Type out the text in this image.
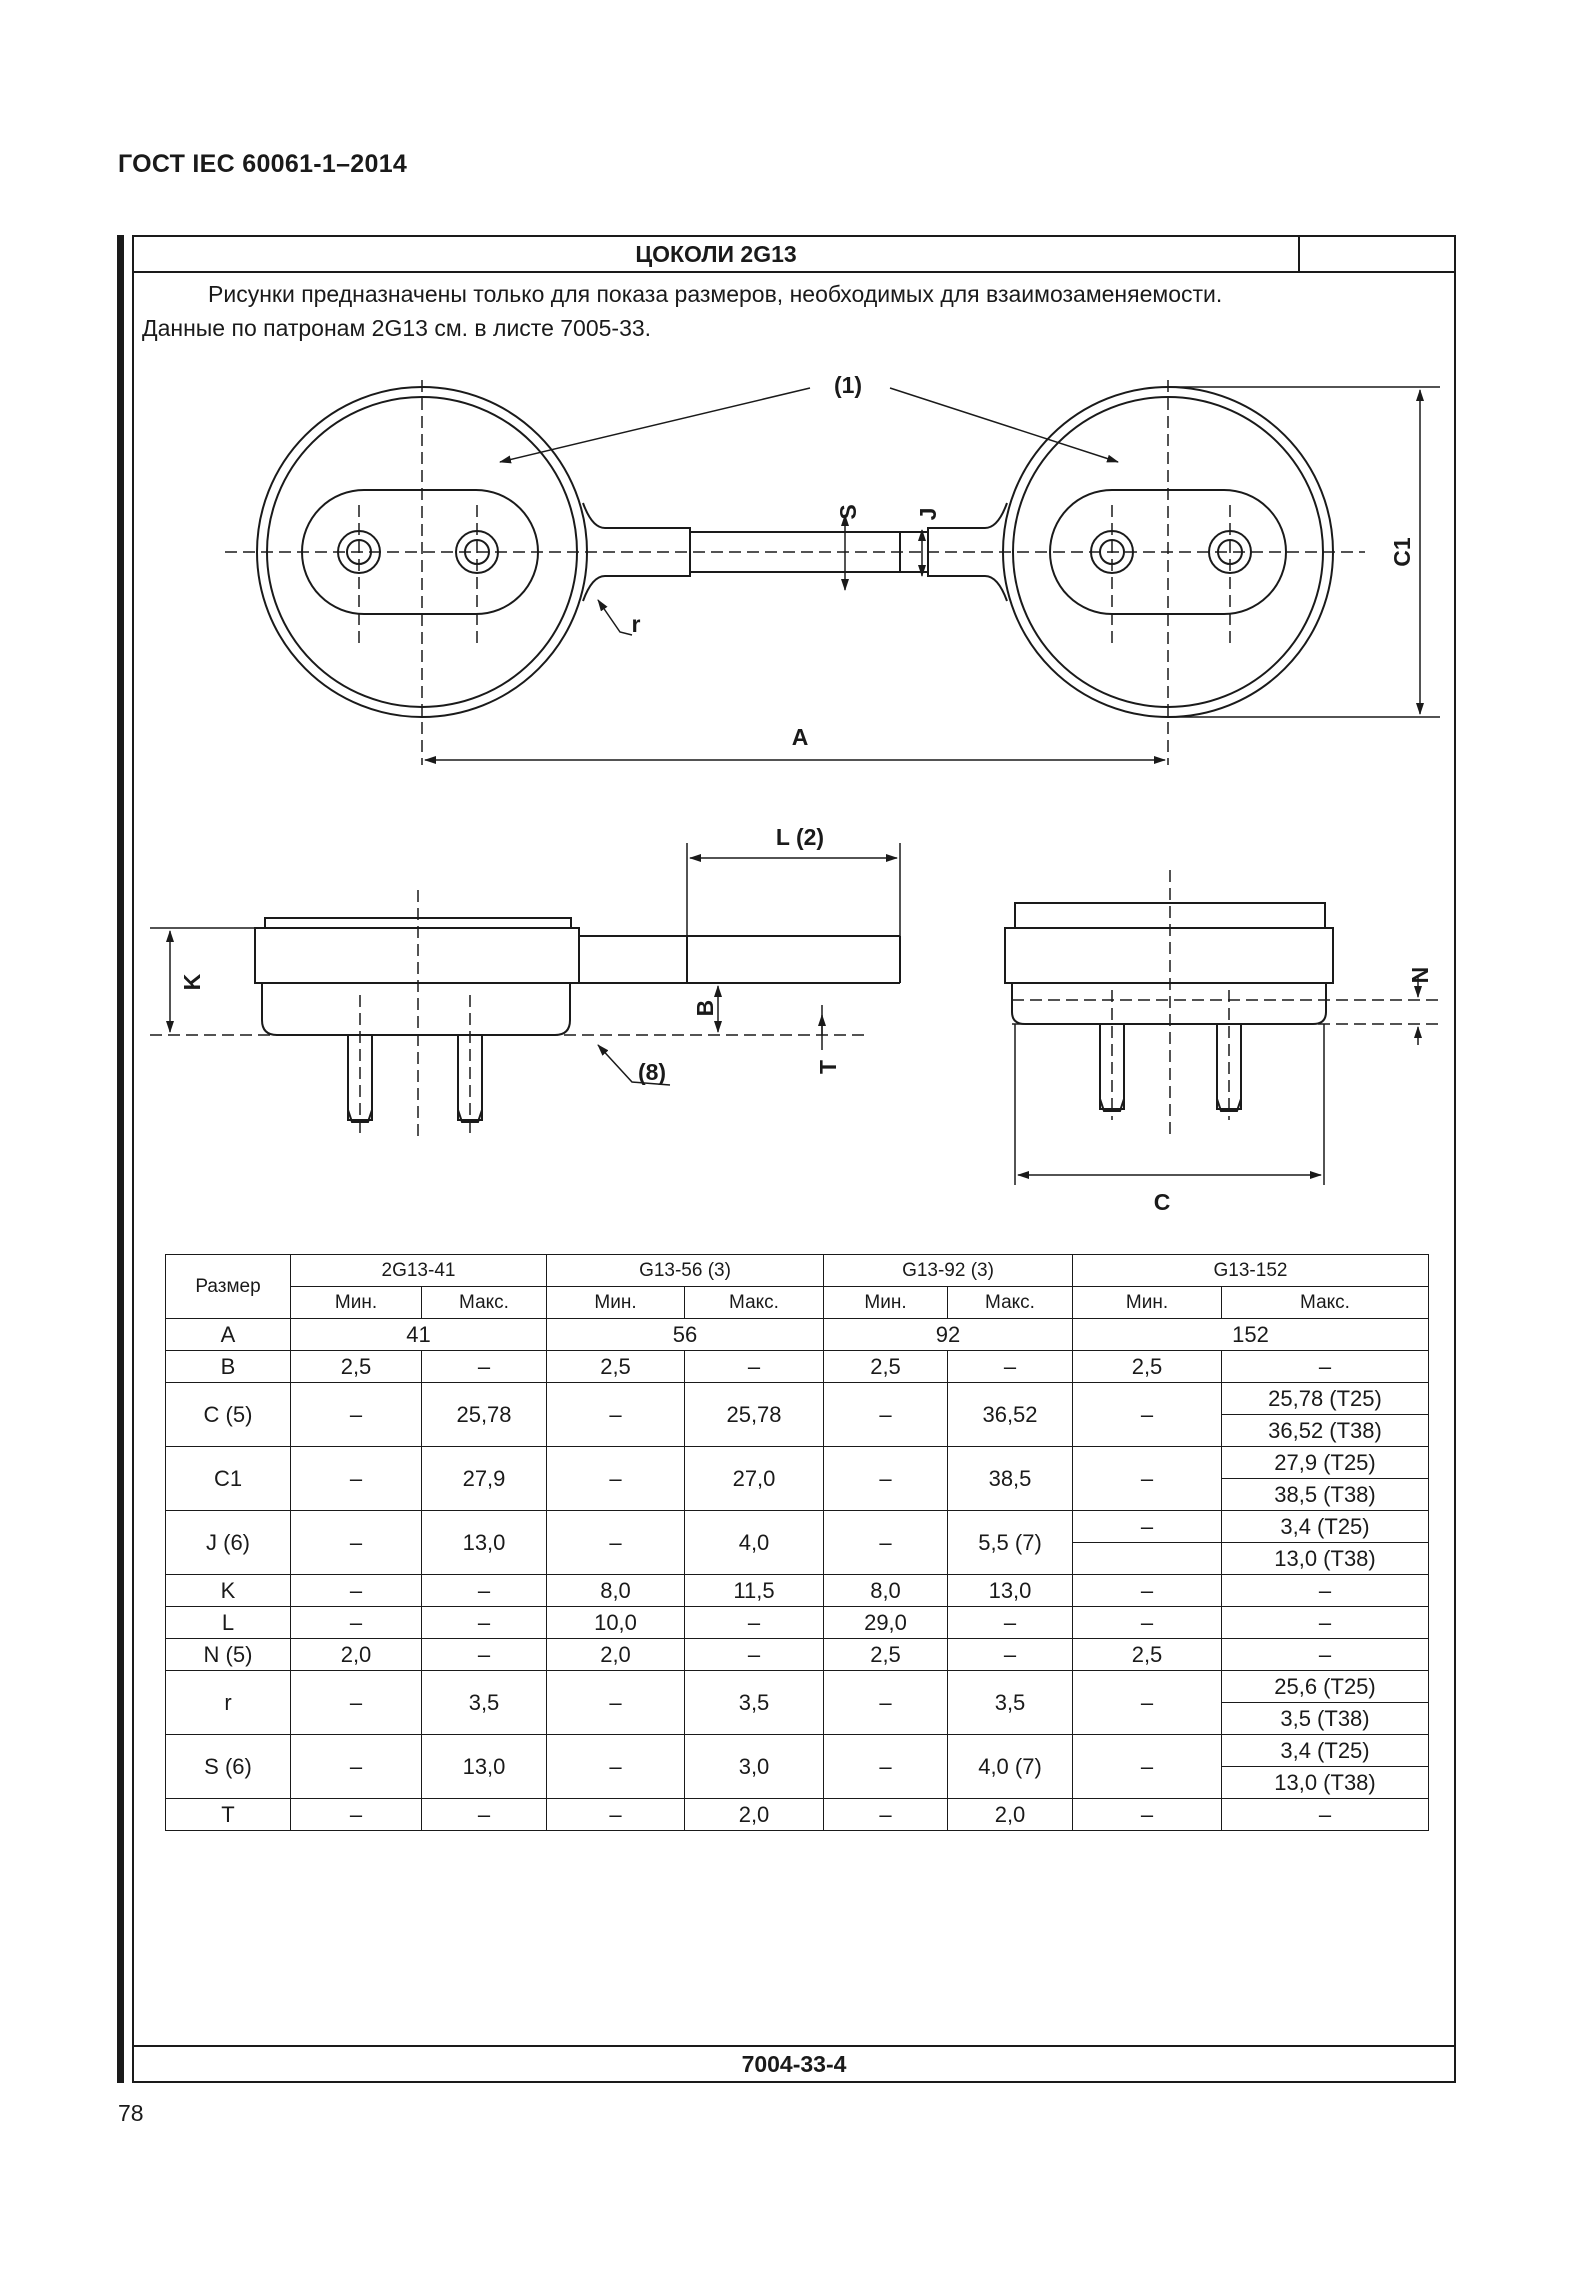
ГОСТ IEC 60061-1–2014
ЦОКОЛИ 2G13

Рисунки предназначены только для показа размеров, необходимых для взаимозаменяемости.

Данные по патронам 2G13 см. в листе 7005-33.

7004-33-4
(1)
S J
C1
r
A
L (2)
K
B
T
(8)
N
C
Размер	2G13-41		G13-56 (3)		G13-92 (3)		G13-152	
	Мин.	Макс.	Мин.	Макс.	Мин.	Макс.	Мин.	Макс.
A	41		56		92		152	
B	2,5	–	2,5	–	2,5	–	2,5	–
C (5)	–	25,78	–	25,78	–	36,52	–	25,78 (T25)
								36,52 (T38)
C1	–	27,9	–	27,0	–	38,5	–	27,9 (T25)
								38,5 (T38)
J (6)	–	13,0	–	4,0	–	5,5 (7)	–	3,4 (T25)
								13,0 (T38)
K	–	–	8,0	11,5	8,0	13,0	–	–
L	–	–	10,0	–	29,0	–	–	–
N (5)	2,0	–	2,0	–	2,5	–	2,5	–
r	–	3,5	–	3,5	–	3,5	–	25,6 (T25)
								3,5 (T38)
S (6)	–	13,0	–	3,0	–	4,0 (7)	–	3,4 (T25)
								13,0 (T38)
T	–	–	–	2,0	–	2,0	–	–
78
